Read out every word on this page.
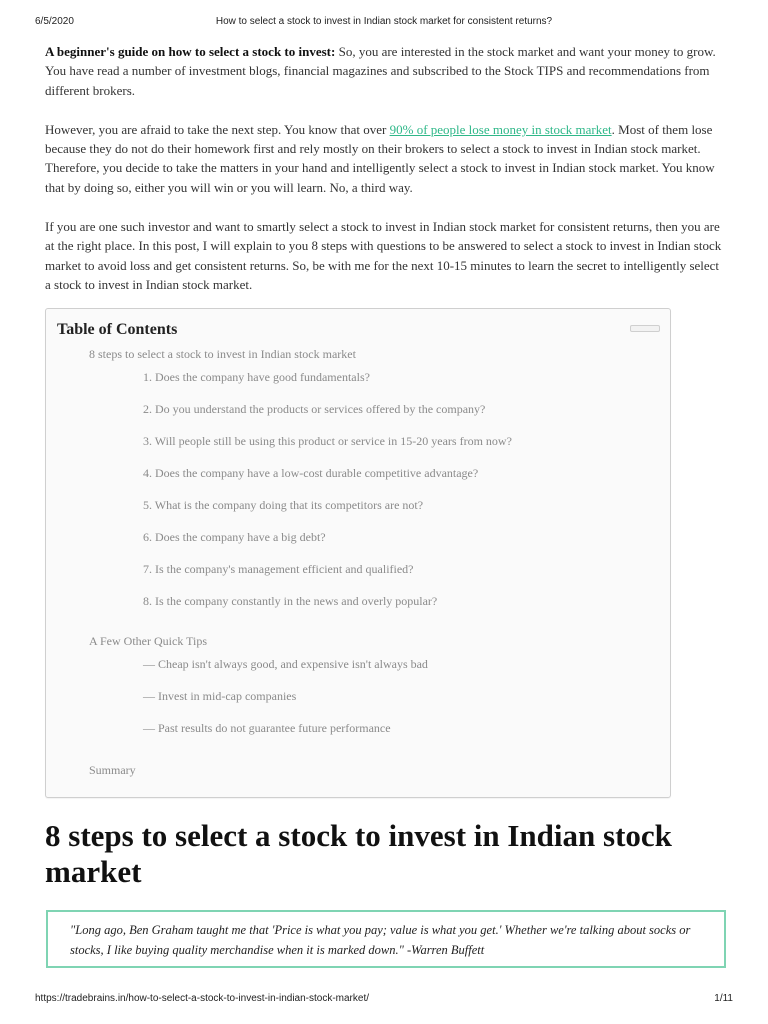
6/5/2020	How to select a stock to invest in Indian stock market for consistent returns?

A beginner's guide on how to select a stock to invest: So, you are interested in the stock market and want your money to grow. You have read a number of investment blogs, financial magazines and subscribed to the Stock TIPS and recommendations from different brokers.

However, you are afraid to take the next step. You know that over 90% of people lose money in stock market. Most of them lose because they do not do their homework first and rely mostly on their brokers to select a stock to invest in Indian stock market. Therefore, you decide to take the matters in your hand and intelligently select a stock to invest in Indian stock market. You know that by doing so, either you will win or you will learn. No, a third way.

If you are one such investor and want to smartly select a stock to invest in Indian stock market for consistent returns, then you are at the right place. In this post, I will explain to you 8 steps with questions to be answered to select a stock to invest in Indian stock market to avoid loss and get consistent returns. So, be with me for the next 10-15 minutes to learn the secret to intelligently select a stock to invest in Indian stock market.

Table of Contents
8 steps to select a stock to invest in Indian stock market
1. Does the company have good fundamentals?
2. Do you understand the products or services offered by the company?
3. Will people still be using this product or service in 15-20 years from now?
4. Does the company have a low-cost durable competitive advantage?
5. What is the company doing that its competitors are not?
6. Does the company have a big debt?
7. Is the company's management efficient and qualified?
8. Is the company constantly in the news and overly popular?
A Few Other Quick Tips
— Cheap isn't always good, and expensive isn't always bad
— Invest in mid-cap companies
— Past results do not guarantee future performance
Summary
8 steps to select a stock to invest in Indian stock market

"Long ago, Ben Graham taught me that 'Price is what you pay; value is what you get.' Whether we're talking about socks or stocks, I like buying quality merchandise when it is marked down." -Warren Buffett

https://tradebrains.in/how-to-select-a-stock-to-invest-in-indian-stock-market/	1/11
